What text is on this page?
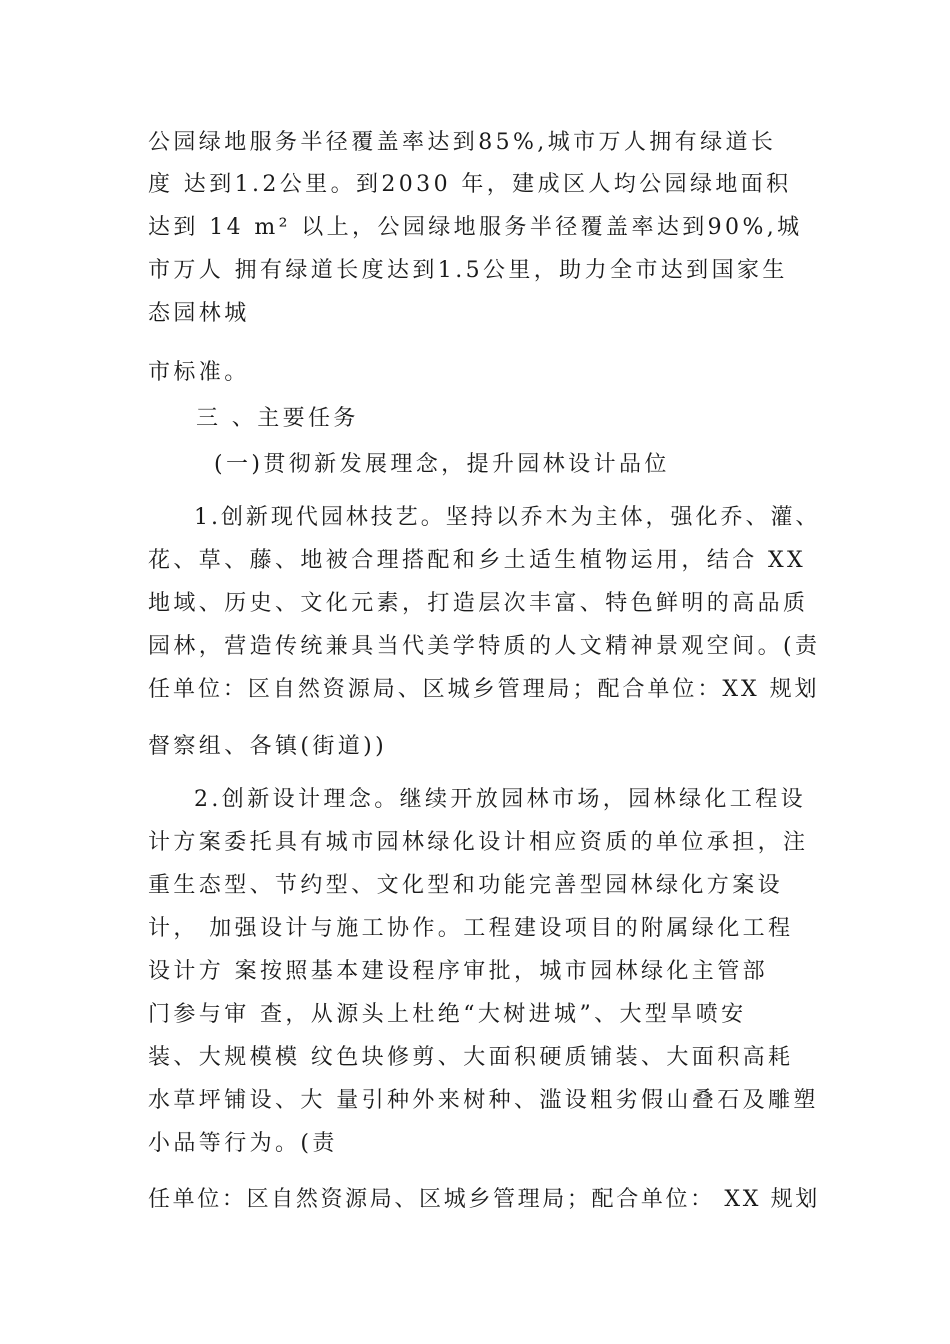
公园绿地服务半径覆盖率达到85%,城市万人拥有绿道长
度 达到1.2公里。到2030 年，建成区人均公园绿地面积
达到 14 m² 以上，公园绿地服务半径覆盖率达到90%,城
市万人 拥有绿道长度达到1.5公里，助力全市达到国家生
态园林城
市标准。
三 、主要任务
(一)贯彻新发展理念，提升园林设计品位
1.创新现代园林技艺。坚持以乔木为主体，强化乔、灌、
花、草、藤、地被合理搭配和乡土适生植物运用，结合 XX
地域、历史、文化元素，打造层次丰富、特色鲜明的高品质
园林，营造传统兼具当代美学特质的人文精神景观空间。(责
任单位：区自然资源局、区城乡管理局；配合单位：XX 规划
督察组、各镇(街道))
2.创新设计理念。继续开放园林市场，园林绿化工程设
计方案委托具有城市园林绿化设计相应资质的单位承担，注
重生态型、节约型、文化型和功能完善型园林绿化方案设
计， 加强设计与施工协作。工程建设项目的附属绿化工程
设计方 案按照基本建设程序审批，城市园林绿化主管部
门参与审 查，从源头上杜绝“大树进城”、大型旱喷安
装、大规模模 纹色块修剪、大面积硬质铺装、大面积高耗
水草坪铺设、大 量引种外来树种、滥设粗劣假山叠石及雕塑
小品等行为。(责
任单位：区自然资源局、区城乡管理局；配合单位： XX 规划
